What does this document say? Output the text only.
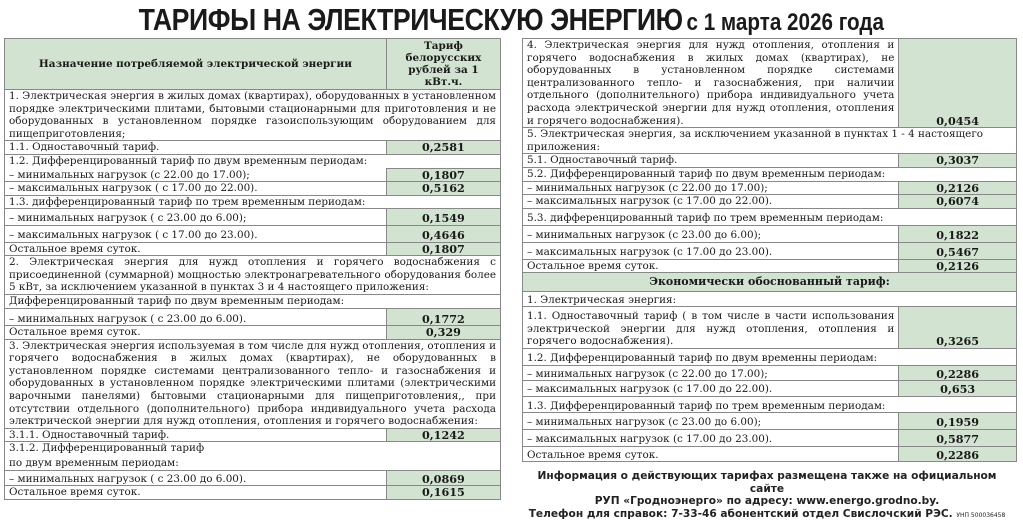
ТАРИФЫ НА ЭЛЕКТРИЧЕСКУЮ ЭНЕРГИЮ с 1 марта 2026 года
Назначение потребляемой электрической энергии	Тариф белорусских рублей за 1 кВт.ч.
1. Электрическая энергия в жилых домах (квартирах), оборудованных в установленном порядке электрическими плитами, бытовыми стационарными для приготовления и не оборудованных в установленном порядке газоиспользующим оборудованием для пищеприготовления;	
1.1. Одноставочный тариф.	0,2581
1.2. Дифференцированный тариф по двум временным периодам:	
– минимальных нагрузок (с 22.00 до 17.00);	0,1807
– максимальных нагрузок ( с 17.00 до 22.00).	0,5162
1.3. дифференцированный тариф по трем временным периодам:	
– минимальных нагрузок ( с 23.00 до 6.00);	0,1549
– максимальных нагрузок ( с 17.00 до 23.00).	0,4646
Остальное время суток.	0,1807
2. Электрическая энергия для нужд отопления и горячего водоснабжения с присоединенной (суммарной) мощностью электронагревательного оборудования более 5 кВт, за исключением указанной в пунктах 3 и 4 настоящего приложения:	
Дифференцированный тариф по двум временным периодам:	
– минимальных нагрузок ( с 23.00 до 6.00).	0,1772
Остальное время суток.	0,329
3. Электрическая энергия используемая в том числе для нужд отопления, отопления и горячего водоснабжения в жилых домах (квартирах), не оборудованных в установленном порядке системами централизованного тепло- и газоснабжения и оборудованных в установленном порядке электрическими плитами (электрическими варочными панелями) бытовыми стационарными для пищеприготовления,, при отсутствии отдельного (дополнительного) прибора индивидуального учета расхода электрической энергии для нужд отопления, отопления и горячего водоснабжения:	
3.1.1. Одноставочный тариф.	0,1242
3.1.2. Дифференцированный тариф	
по двум временным периодам:	
– минимальных нагрузок ( с 23.00 до 6.00).	0,0869
Остальное время суток.	0,1615
4. Электрическая энергия для нужд отопления, отопления и горячего водоснабжения в жилых домах (квартирах), не оборудованных в установленном порядке системами централизованного тепло- и газоснабжения, при наличии отдельного (дополнительного) прибора индивидуального учета расхода электрической энергии для нужд отопления, отопления и горячего водоснабжения).	0,0454
5. Электрическая энергия, за исключением указанной в пунктах 1 - 4 настоящего приложения:	
5.1. Одноставочный тариф.	0,3037
5.2. Дифференцированный тариф по двум временным периодам:	
– минимальных нагрузок (с 22.00 до 17.00);	0,2126
– максимальных нагрузок (с 17.00 до 22.00).	0,6074
5.3. дифференцированный тариф по трем временным периодам:	
– минимальных нагрузок (с 23.00 до 6.00);	0,1822
– максимальных нагрузок (с 17.00 до 23.00).	0,5467
Остальное время суток.	0,2126
Экономически обоснованный тариф:	
1. Электрическая энергия:	
1.1. Одноставочный тариф ( в том числе в части использования электрической энергии для нужд отопления, отопления и горячего водоснабжения).	0,3265
1.2. Дифференцированный тариф по двум временны периодам:	
– минимальных нагрузок (с 22.00 до 17.00);	0,2286
– максимальных нагрузок (с 17.00 до 22.00).	0,653
1.3. Дифференцированный тариф по трем временным периодам:	
– минимальных нагрузок (с 23.00 до 6.00);	0,1959
– максимальных нагрузок (с 17.00 до 23.00).	0,5877
Остальное время суток.	0,2286
Информация о действующих тарифах размещена также на официальном сайте
РУП «Гродноэнерго» по адресу: www.energo.grodno.by.
Телефон для справок: 7-33-46 абонентский отдел Свислочский РЭС. УНП 500036458
